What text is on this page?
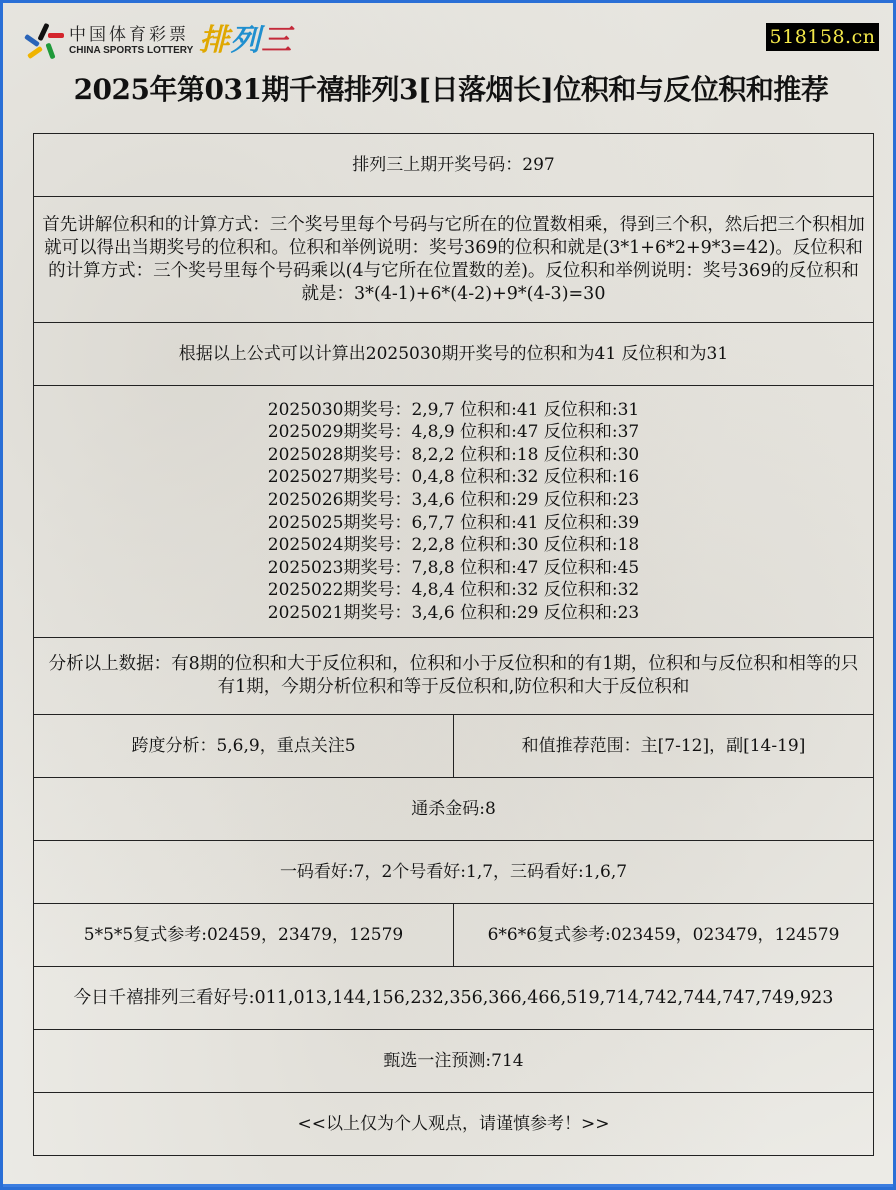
中国体育彩票
CHINA SPORTS LOTTERY 排列三	518158.cn
2025年第031期千禧排列3[日落烟长]位积和与反位积和推荐
排列三上期开奖号码：297	
首先讲解位积和的计算方式：三个奖号里每个号码与它所在的位置数相乘，得到三个积，然后把三个积相加就可以得出当期奖号的位积和。位积和举例说明：奖号369的位积和就是(3*1+6*2+9*3=42)。反位积和的计算方式：三个奖号里每个号码乘以(4与它所在位置数的差)。反位积和举例说明：奖号369的反位积和就是：3*(4-1)+6*(4-2)+9*(4-3)=30	
根据以上公式可以计算出2025030期开奖号的位积和为41 反位积和为31	

2025030期奖号：2,9,7 位积和:41 反位积和:31
2025029期奖号：4,8,9 位积和:47 反位积和:37
2025028期奖号：8,2,2 位积和:18 反位积和:30
2025027期奖号：0,4,8 位积和:32 反位积和:16
2025026期奖号：3,4,6 位积和:29 反位积和:23
2025025期奖号：6,7,7 位积和:41 反位积和:39
2025024期奖号：2,2,8 位积和:30 反位积和:18
2025023期奖号：7,8,8 位积和:47 反位积和:45
2025022期奖号：4,8,4 位积和:32 反位积和:32
2025021期奖号：3,4,6 位积和:29 反位积和:23

分析以上数据：有8期的位积和大于反位积和，位积和小于反位积和的有1期，位积和与反位积和相等的只有1期，今期分析位积和等于反位积和,防位积和大于反位积和	
跨度分析：5,6,9，重点关注5	和值推荐范围：主[7-12]，副[14-19]
通杀金码:8	
一码看好:7，2个号看好:1,7，三码看好:1,6,7	
5*5*5复式参考:02459，23479，12579	6*6*6复式参考:023459，023479，124579
今日千禧排列三看好号:011,013,144,156,232,356,366,466,519,714,742,744,747,749,923	
甄选一注预测:714	
<<以上仅为个人观点，请谨慎参考！>>	
